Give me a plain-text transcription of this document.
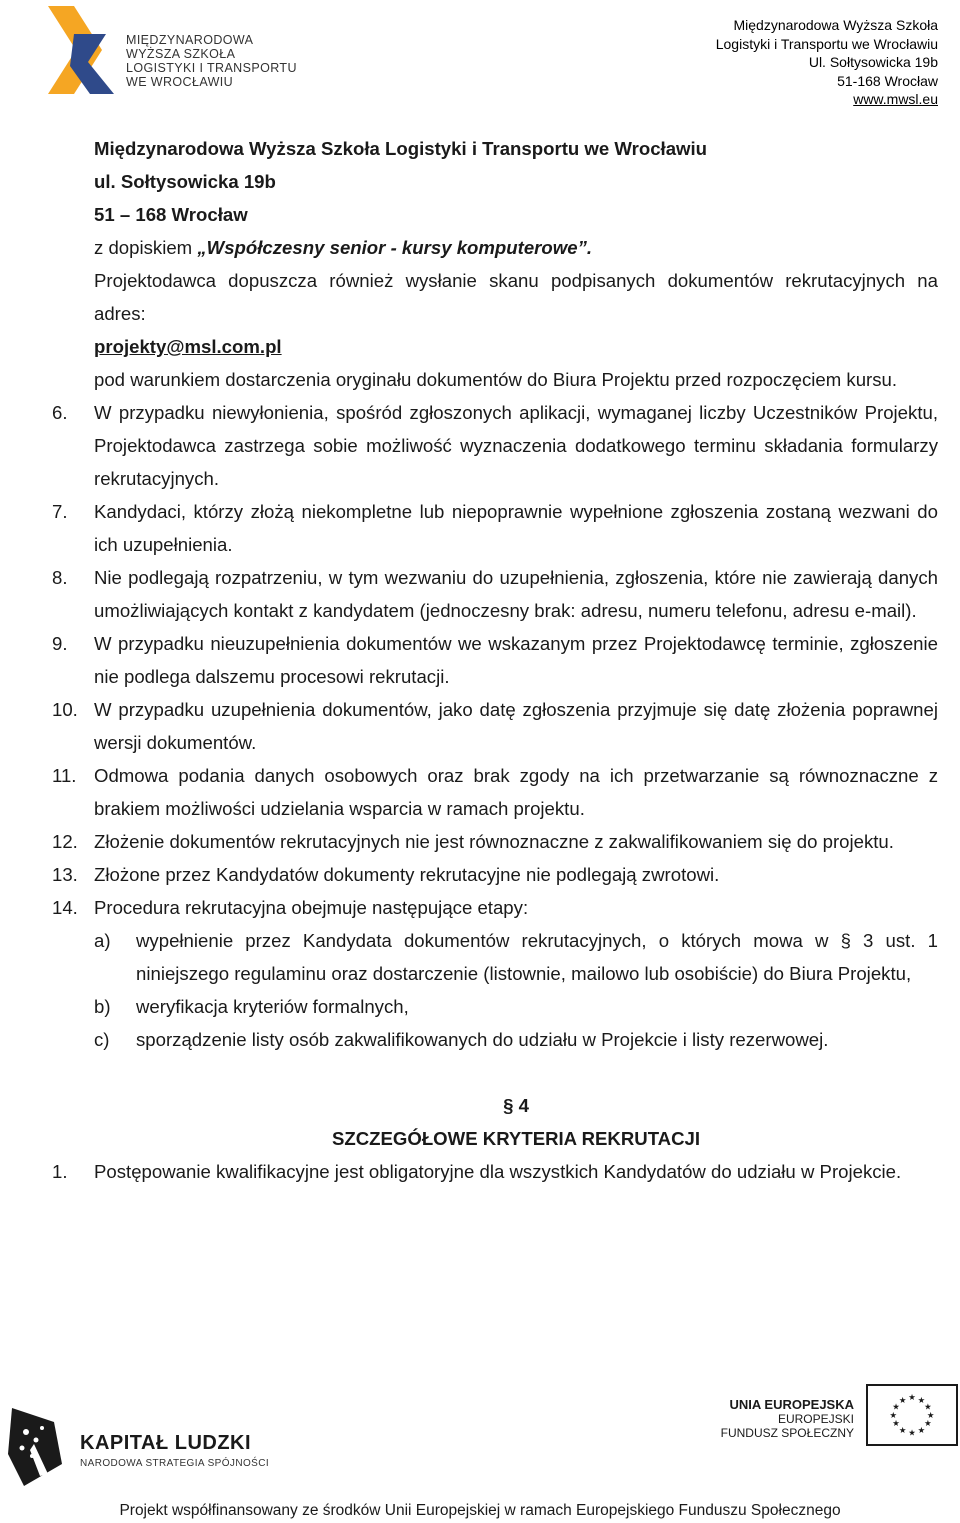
MIĘDZYNARODOWA
WYŻSZA SZKOŁA
LOGISTYKI I TRANSPORTU
WE WROCŁAWIU
Międzynarodowa Wyższa Szkoła
Logistyki i Transportu we Wrocławiu
Ul. Sołtysowicka 19b
51-168 Wrocław
www.mwsl.eu
Międzynarodowa Wyższa Szkoła Logistyki i Transportu we Wrocławiu
ul. Sołtysowicka 19b
51 – 168 Wrocław
z dopiskiem „Współczesny senior - kursy komputerowe”.

Projektodawca dopuszcza również wysłanie skanu podpisanych dokumentów rekrutacyjnych na adres:

projekty@msl.com.pl

pod warunkiem dostarczenia oryginału dokumentów do Biura Projektu przed rozpoczęciem kursu.

6.	W przypadku niewyłonienia, spośród zgłoszonych aplikacji, wymaganej liczby Uczestników Projektu, Projektodawca zastrzega sobie możliwość wyznaczenia dodatkowego terminu składania formularzy rekrutacyjnych.
7.	Kandydaci, którzy złożą niekompletne lub niepoprawnie wypełnione zgłoszenia zostaną wezwani do ich uzupełnienia.
8.	Nie podlegają rozpatrzeniu, w tym wezwaniu do uzupełnienia, zgłoszenia, które nie zawierają danych umożliwiających kontakt z kandydatem (jednoczesny brak: adresu, numeru telefonu, adresu e-mail).
9.	W przypadku nieuzupełnienia dokumentów we wskazanym przez Projektodawcę terminie, zgłoszenie nie podlega dalszemu procesowi rekrutacji.
10. W przypadku uzupełnienia dokumentów, jako datę zgłoszenia przyjmuje się datę złożenia poprawnej wersji dokumentów.
11. Odmowa podania danych osobowych oraz brak zgody na ich przetwarzanie są równoznaczne z brakiem możliwości udzielania wsparcia w ramach projektu.
12. Złożenie dokumentów rekrutacyjnych nie jest równoznaczne z zakwalifikowaniem się do projektu.
13. Złożone przez Kandydatów dokumenty rekrutacyjne nie podlegają zwrotowi.
14. Procedura rekrutacyjna obejmuje następujące etapy:
a) wypełnienie przez Kandydata dokumentów rekrutacyjnych, o których mowa w § 3 ust. 1 niniejszego regulaminu oraz dostarczenie (listownie, mailowo lub osobiście) do Biura Projektu,
b) weryfikacja kryteriów formalnych,
c) sporządzenie listy osób zakwalifikowanych do udziału w Projekcie i listy rezerwowej.
§ 4
SZCZEGÓŁOWE KRYTERIA REKRUTACJI
1.	Postępowanie kwalifikacyjne jest obligatoryjne dla wszystkich Kandydatów do udziału w Projekcie.
KAPITAŁ LUDZKI
NARODOWA STRATEGIA SPÓJNOŚCI
UNIA EUROPEJSKA
EUROPEJSKI
FUNDUSZ SPOŁECZNY
★ ★
★
★
★
★
★
★
★
★
★
★
Projekt współfinansowany ze środków Unii Europejskiej w ramach Europejskiego Funduszu Społecznego
